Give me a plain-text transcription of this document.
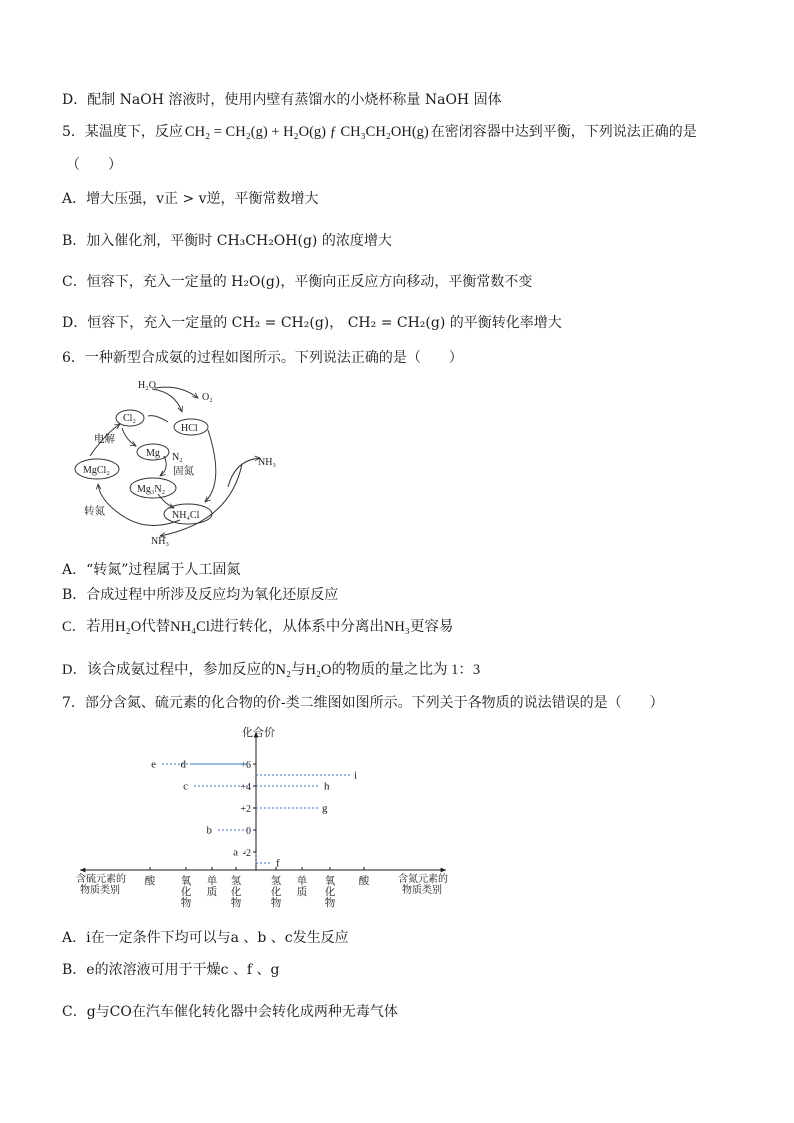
D．配制 NaOH 溶液时，使用内壁有蒸馏水的小烧杯称量 NaOH 固体
5．某温度下，反应 CH₂ = CH₂(g) + H₂O(g) ƒ CH₃CH₂OH(g) 在密闭容器中达到平衡，下列说法正确的是
（　　）
A．增大压强，v正 > v逆，平衡常数增大
B．加入催化剂，平衡时 CH₃CH₂OH(g) 的浓度增大
C．恒容下，充入一定量的 H₂O(g)，平衡向正反应方向移动，平衡常数不变
D．恒容下，充入一定量的 CH₂ = CH₂(g)， CH₂ = CH₂(g) 的平衡转化率增大
6．一种新型合成氨的过程如图所示。下列说法正确的是（　　）
H₂O
O₂
Cl₂
HCl
电解
Mg N₂
固氮
MgCl₂
Mg₃N₂
NH₃
转氮	NH₄Cl
NH₃
A．“转氮”过程属于人工固氮
B．合成过程中所涉及反应均为氧化还原反应
C．若用H₂O代替NH₄Cl进行转化，从体系中分离出NH₃更容易
D．该合成氨过程中，参加反应的N₂与H₂O的物质的量之比为 1：3
7．部分含氮、硫元素的化合物的价-类二维图如图所示。下列关于各物质的说法错误的是（　　）
化合价
含硫元素的
物质类别
含氮元素的
物质类别
+6
+4
+2
0
-2
酸 氧化物
单质
氢化物
氢化物
单质
氧化物
酸
e d
c
b
a
i
h
g
f
A．i在一定条件下均可以与a 、b 、c发生反应
B．e的浓溶液可用于干燥c 、f 、g
C．g与CO在汽车催化转化器中会转化成两种无毒气体
